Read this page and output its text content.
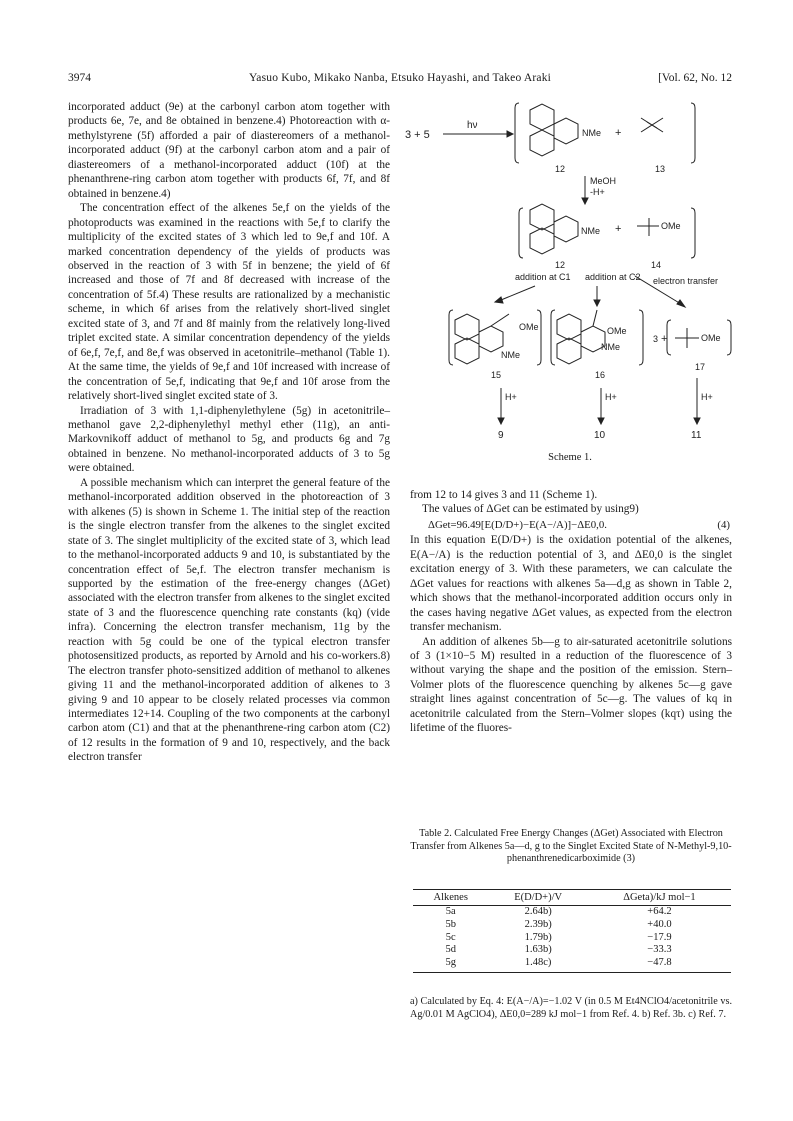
3974	Yasuo Kubo, Mikako Nanba, Etsuko Hayashi, and Takeo Araki	[Vol. 62, No. 12

incorporated adduct (9e) at the carbonyl carbon atom together with products 6e, 7e, and 8e obtained in benzene.4) Photoreaction with α-methylstyrene (5f) afforded a pair of diastereomers of a methanol-incorporated adduct (9f) at the carbonyl carbon atom and a pair of diastereomers of a methanol-incorporated adduct (10f) at the phenanthrene-ring carbon atom together with products 6f, 7f, and 8f obtained in benzene.4)

The concentration effect of the alkenes 5e,f on the yields of the photoproducts was examined in the reactions with 5e,f to clarify the multiplicity of the excited states of 3 which led to 9e,f and 10f. A marked concentration dependency of the yields of products was observed in the reaction of 3 with 5f in benzene; the yield of 6f increased and those of 7f and 8f decreased with increase of the concentration of 5f.4) These results are rationalized by a mechanistic scheme, in which 6f arises from the relatively short-lived singlet excited state of 3, and 7f and 8f mainly from the relatively long-lived triplet excited state. A similar concentration dependency of the yields of 6e,f, 7e,f, and 8e,f was observed in acetonitrile–methanol (Table 1). At the same time, the yields of 9e,f and 10f increased with increase of the concentration of 5e,f, indicating that 9e,f and 10f arose from the relatively short-lived singlet excited state of 3.

Irradiation of 3 with 1,1-diphenylethylene (5g) in acetonitrile–methanol gave 2,2-diphenylethyl methyl ether (11g), an anti-Markovnikoff adduct of methanol to 5g, and products 6g and 7g obtained in benzene. No methanol-incorporated adducts of 3 to 5g were obtained.

A possible mechanism which can interpret the general feature of the methanol-incorporated addition observed in the photoreaction of 3 with alkenes (5) is shown in Scheme 1. The initial step of the reaction is the single electron transfer from the alkenes to the singlet excited state of 3. The singlet multiplicity of the excited state of 3, which lead to the methanol-incorporated adducts 9 and 10, is substantiated by the concentration effect of 5e,f. The electron transfer mechanism is supported by the estimation of the free-energy changes (ΔGet) associated with the electron transfer from alkenes to the singlet excited state of 3 and the fluorescence quenching rate constants (kq) (vide infra). Concerning the electron transfer mechanism, 11g by the reaction with 5g could be one of the typical electron transfer photosensitized products, as reported by Arnold and his co-workers.8) The electron transfer photo-sensitized addition of methanol to alkenes giving 11 and the methanol-incorporated addition of alkenes to 3 giving 9 and 10 appear to be closely related processes via common intermediates 12+14. Coupling of the two components at the carbonyl carbon atom (C1) and that at the phenanthrene-ring carbon atom (C2) of 12 results in the formation of 9 and 10, respectively, and the back electron transfer

3 + 5
hν
NMe +
12	13
MeOH
-H+
NMe +	OMe
12	14
addition at C1 addition at C2 electron transfer
NMe
OMe
15
OMe
NMe
16
3 +	OMe
17
H+	H+	H+
9	10	11
Scheme 1.

from 12 to 14 gives 3 and 11 (Scheme 1).

The values of ΔGet can be estimated by using9)

ΔGet=96.49[E(D/D+)−E(A−/A)]−ΔE0,0.	(4)

In this equation E(D/D+) is the oxidation potential of the alkenes, E(A−/A) is the reduction potential of 3, and ΔE0,0 is the singlet excitation energy of 3. With these parameters, we can calculate the ΔGet values for reactions with alkenes 5a—d,g as shown in Table 2, which shows that the methanol-incorporated addition occurs only in the cases having negative ΔGet values, as expected from the electron transfer mechanism.

An addition of alkenes 5b—g to air-saturated acetonitrile solutions of 3 (1×10−5 M) resulted in a reduction of the fluorescence of 3 without varying the shape and the position of the emission. Stern–Volmer plots of the fluorescence quenching by alkenes 5c—g gave straight lines against concentration of 5c—g. The values of kq in acetonitrile calculated from the Stern–Volmer slopes (kqτ) using the lifetime of the fluores-

Table 2. Calculated Free Energy Changes (ΔGet) Associated with Electron Transfer from Alkenes 5a—d, g to the Singlet Excited State of N-Methyl-9,10-phenanthrenedicarboximide (3)
Alkenes	E(D/D+)/V	ΔGeta)/kJ mol−1
5a	2.64b)	+64.2
5b	2.39b)	+40.0
5c	1.79b)	−17.9
5d	1.63b)	−33.3
5g	1.48c)	−47.8
a) Calculated by Eq. 4: E(A−/A)=−1.02 V (in 0.5 M Et4NClO4/acetonitrile vs. Ag/0.01 M AgClO4), ΔE0,0=289 kJ mol−1 from Ref. 4. b) Ref. 3b. c) Ref. 7.
